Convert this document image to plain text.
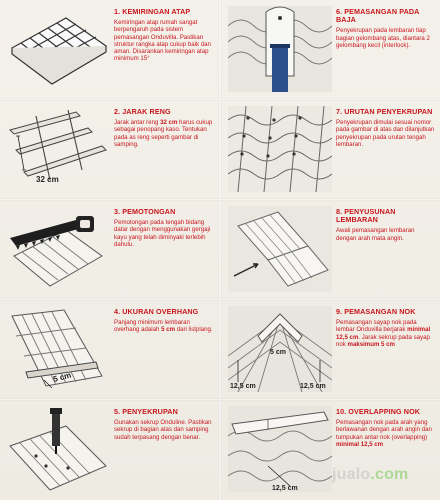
1. KEMIRINGAN ATAP

Kemiringan atap rumah sangat berpengaruh pada sistem pemasangan Onduvilla. Pastikan struktur rangka atap cukup baik dan aman. Disarankan kemiringan atap minimum 15°

6. PEMASANGAN PADA BAJA

Penyekrupan pada lembaran tiap bagian gelombang atas, diantara 2 gelombang kecil (interlock).

32 cm

2. JARAK RENG

Jarak antar reng 32 cm harus cukup sebagai penopang kaso. Tentukan pada as reng seperti gambar di samping.

7. URUTAN PENYEKRUPAN

Penyekrupan dimulai sesuai nomor pada gambar di atas dan dilanjutkan penyekrupan pada urutan tengah lembaran.

3. PEMOTONGAN

Pemotongan pada tengah bidang datar dengan menggunakan gergaji kayu yang telah diminyaki terlebih dahulu.

8. PENYUSUNAN LEMBARAN

Awali pemasangan lembaran dengan arah mata angin.

5 cm

4. UKURAN OVERHANG

Panjang minimum lembaran overhang adalah 5 cm dari listplang.

5 cm
12,5 cm	12,5 cm

9. PEMASANGAN NOK

Pemasangan sayap nok pada lembar Onduvilla berjarak minimal 12,5 cm. Jarak sekrup pada sayap nok maksimum 5 cm

5. PENYEKRUPAN

Gunakan sekrup Onduline. Pastikan sekrup di bagian atas dan samping sudah terpasang dengan benar.

12,5 cm

10. OVERLAPPING NOK

Pemasangan nok pada arah yang berlawanan dengan arah angin dan tumpukan antar nok (overlapping) minimal 12,5 cm

jualo.com
